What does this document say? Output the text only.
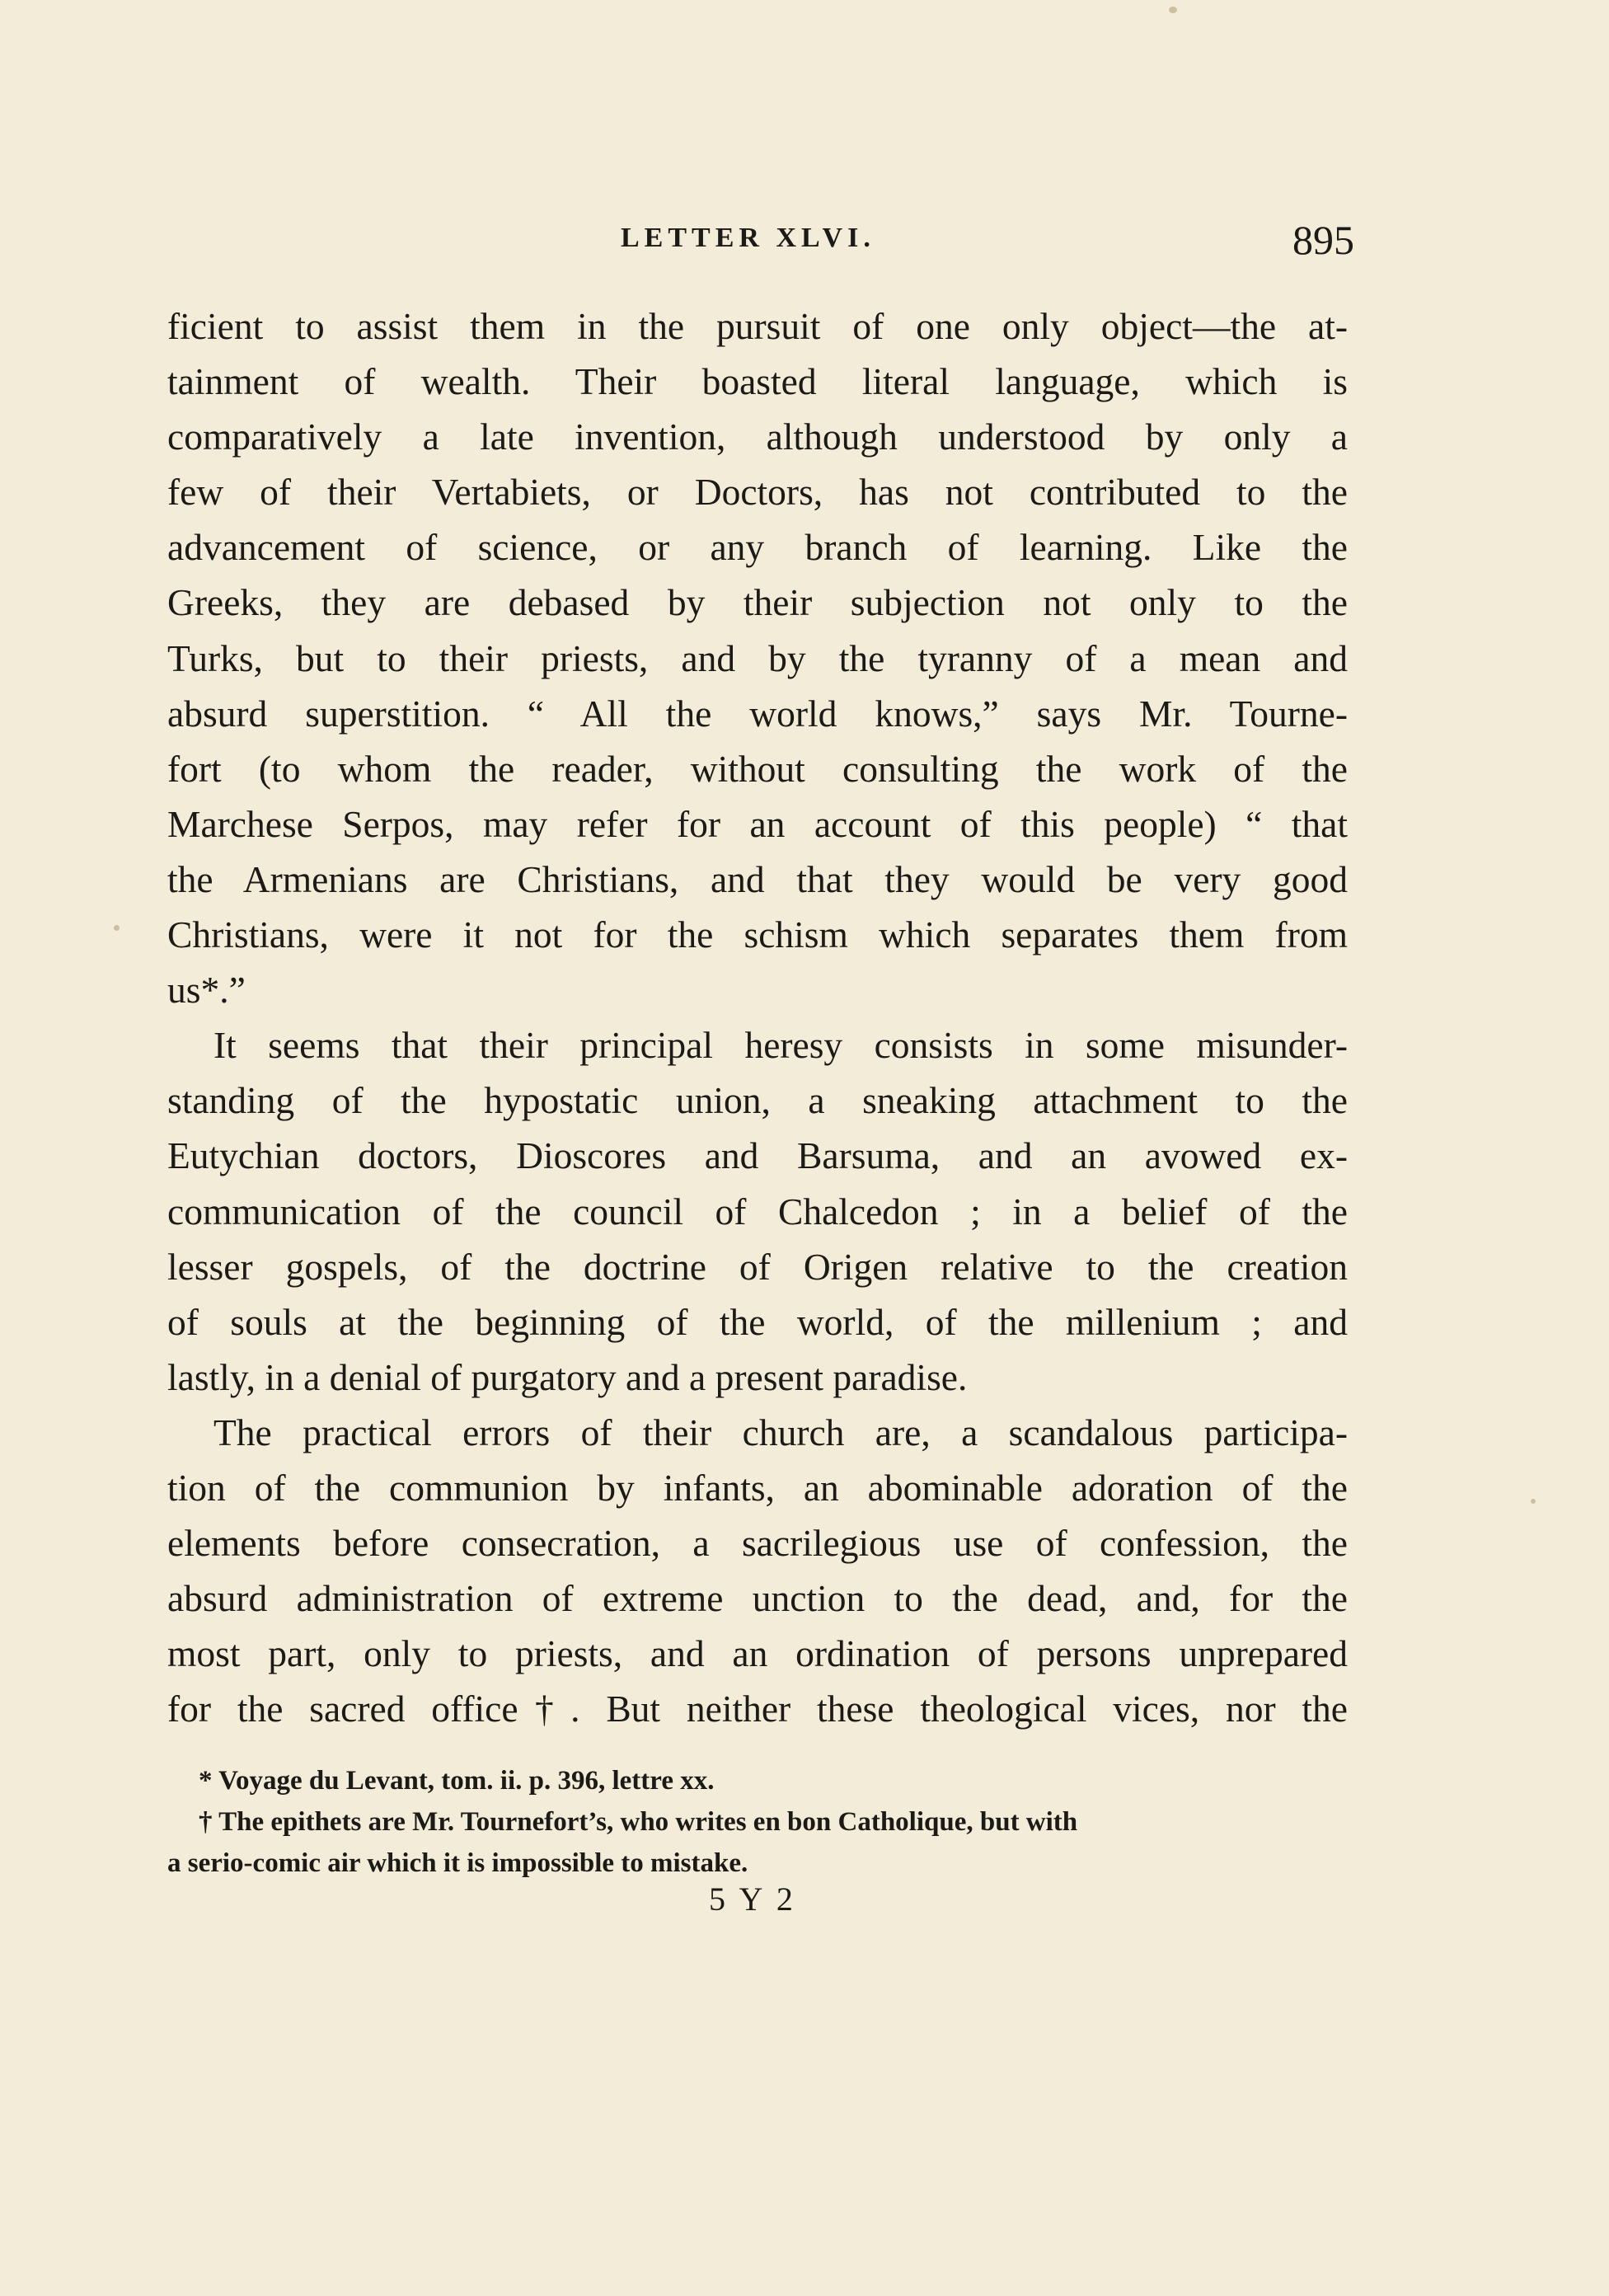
LETTER XLVI.	895
ficient to assist them in the pursuit of one only object—the at-
tainment of wealth. Their boasted literal language, which is
comparatively a late invention, although understood by only a
few of their Vertabiets, or Doctors, has not contributed to the
advancement of science, or any branch of learning. Like the
Greeks, they are debased by their subjection not only to the
Turks, but to their priests, and by the tyranny of a mean and
absurd superstition. “ All the world knows,” says Mr. Tourne-
fort (to whom the reader, without consulting the work of the
Marchese Serpos, may refer for an account of this people) “ that
the Armenians are Christians, and that they would be very good
Christians, were it not for the schism which separates them from
us*.”
It seems that their principal heresy consists in some misunder-
standing of the hypostatic union, a sneaking attachment to the
Eutychian doctors, Dioscores and Barsuma, and an avowed ex-
communication of the council of Chalcedon ; in a belief of the
lesser gospels, of the doctrine of Origen relative to the creation
of souls at the beginning of the world, of the millenium ; and
lastly, in a denial of purgatory and a present paradise.
The practical errors of their church are, a scandalous participa-
tion of the communion by infants, an abominable adoration of the
elements before consecration, a sacrilegious use of confession, the
absurd administration of extreme unction to the dead, and, for the
most part, only to priests, and an ordination of persons unprepared
for the sacred office†. But neither these theological vices, nor the
* Voyage du Levant, tom. ii. p. 396, lettre xx.
† The epithets are Mr. Tournefort’s, who writes en bon Catholique, but with
a serio-comic air which it is impossible to mistake.
5 Y 2
